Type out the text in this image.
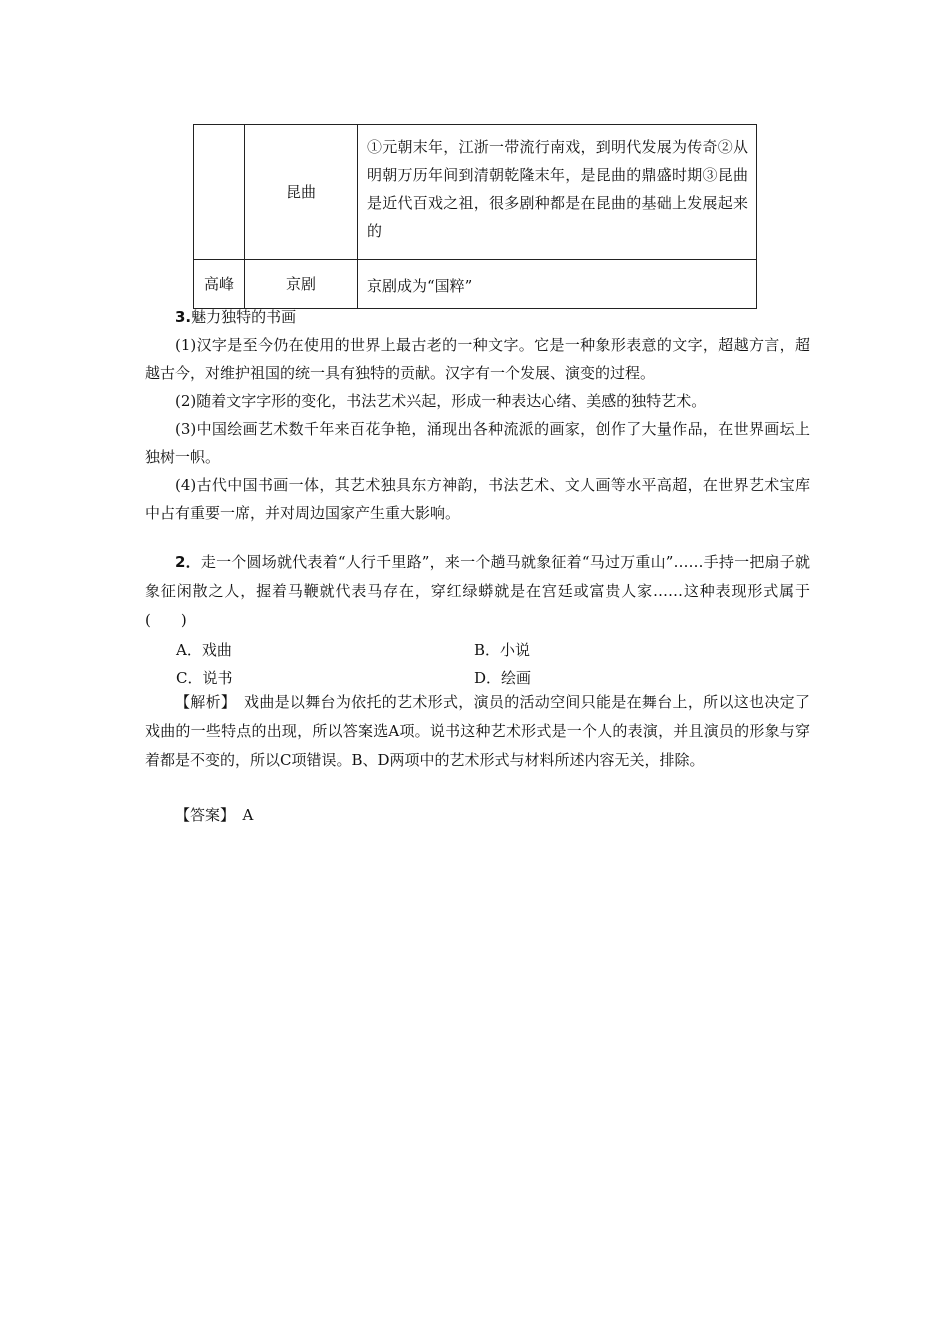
	昆曲	①元朝末年，江浙一带流行南戏，到明代发展为传奇②从明朝万历年间到清朝乾隆末年，是昆曲的鼎盛时期③昆曲是近代百戏之祖，很多剧种都是在昆曲的基础上发展起来的
高峰	京剧	京剧成为“国粹”
3.魅力独特的书画

(1)汉字是至今仍在使用的世界上最古老的一种文字。它是一种象形表意的文字，超越方言，超越古今，对维护祖国的统一具有独特的贡献。汉字有一个发展、演变的过程。

(2)随着文字字形的变化，书法艺术兴起，形成一种表达心绪、美感的独特艺术。

(3)中国绘画艺术数千年来百花争艳，涌现出各种流派的画家，创作了大量作品，在世界画坛上独树一帜。

(4)古代中国书画一体，其艺术独具东方神韵，书法艺术、文人画等水平高超，在世界艺术宝库中占有重要一席，并对周边国家产生重大影响。

2．走一个圆场就代表着“人行千里路”，来一个趟马就象征着“马过万重山”……手持一把扇子就象征闲散之人，握着马鞭就代表马存在，穿红绿蟒就是在宫廷或富贵人家……这种表现形式属于(　　)

A．戏曲	B．小说
C．说书	D．绘画

【解析】　戏曲是以舞台为依托的艺术形式，演员的活动空间只能是在舞台上，所以这也决定了戏曲的一些特点的出现，所以答案选A项。说书这种艺术形式是一个人的表演，并且演员的形象与穿着都是不变的，所以C项错误。B、D两项中的艺术形式与材料所述内容无关，排除。

【答案】　A
